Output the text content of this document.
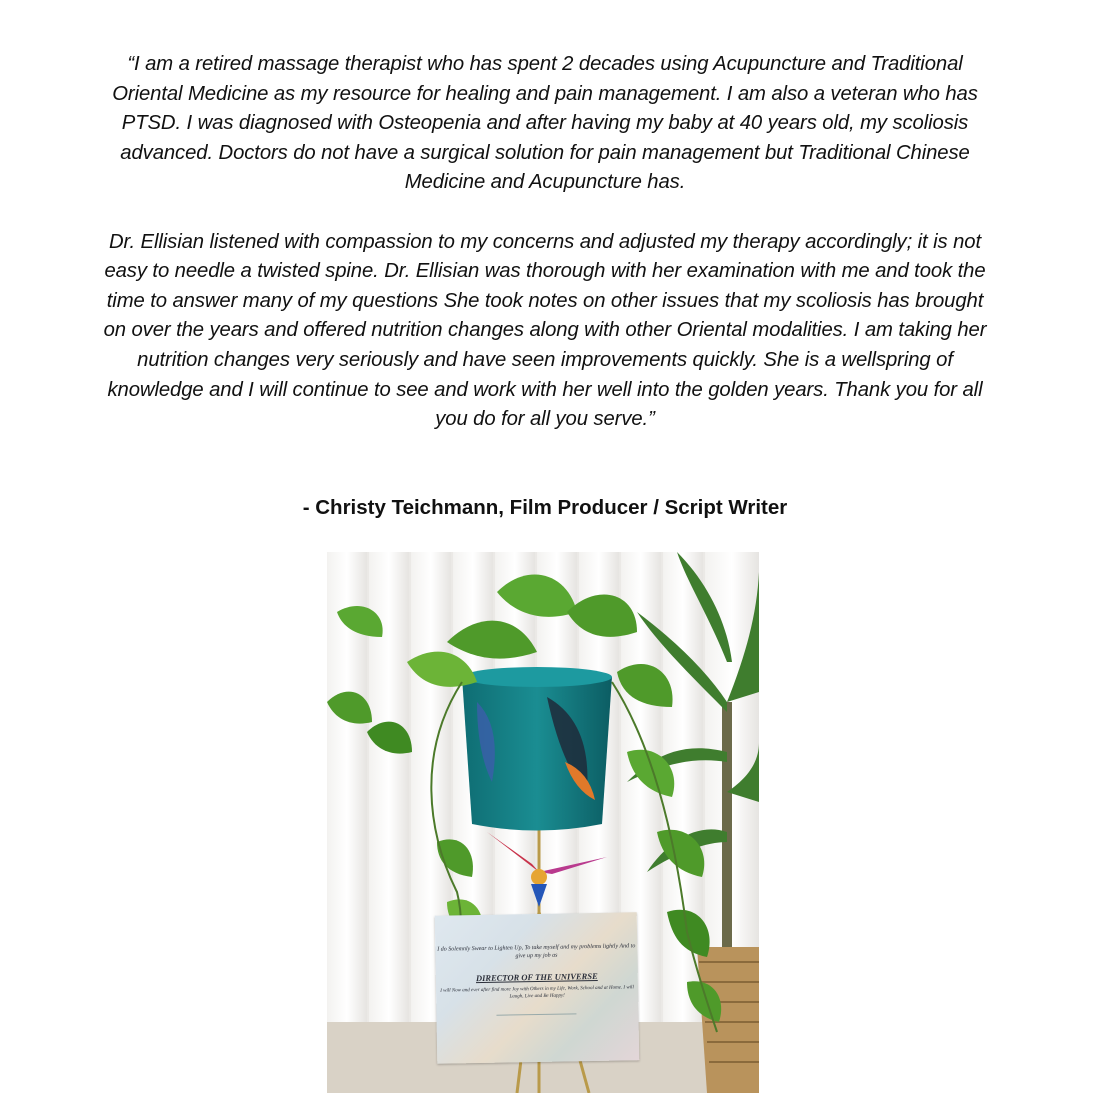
“I am a retired massage therapist who has spent 2 decades using Acupuncture and Traditional Oriental Medicine as my resource for healing and pain management. I am also a veteran who has PTSD. I was diagnosed with Osteopenia and after having my baby at 40 years old, my scoliosis advanced. Doctors do not have a surgical solution for pain management but Traditional Chinese Medicine and Acupuncture has.

Dr. Ellisian listened with compassion to my concerns and adjusted my therapy accordingly; it is not easy to needle a twisted spine. Dr. Ellisian was thorough with her examination with me and took the time to answer many of my questions She took notes on other issues that my scoliosis has brought on over the years and offered nutrition changes along with other Oriental modalities. I am taking her nutrition changes very seriously and have seen improvements quickly. She is a wellspring of knowledge and I will continue to see and work with her well into the golden years. Thank you for all you do for all you serve.”

- Christy Teichmann, Film Producer / Script Writer
I do Solemnly Swear to Lighten Up, To take myself and my problems lightly And to give up my job as
DIRECTOR OF THE UNIVERSE
I will Now and ever after find more Joy with Others in my Life, Work, School and at Home. I will Laugh, Live and Be Happy!
